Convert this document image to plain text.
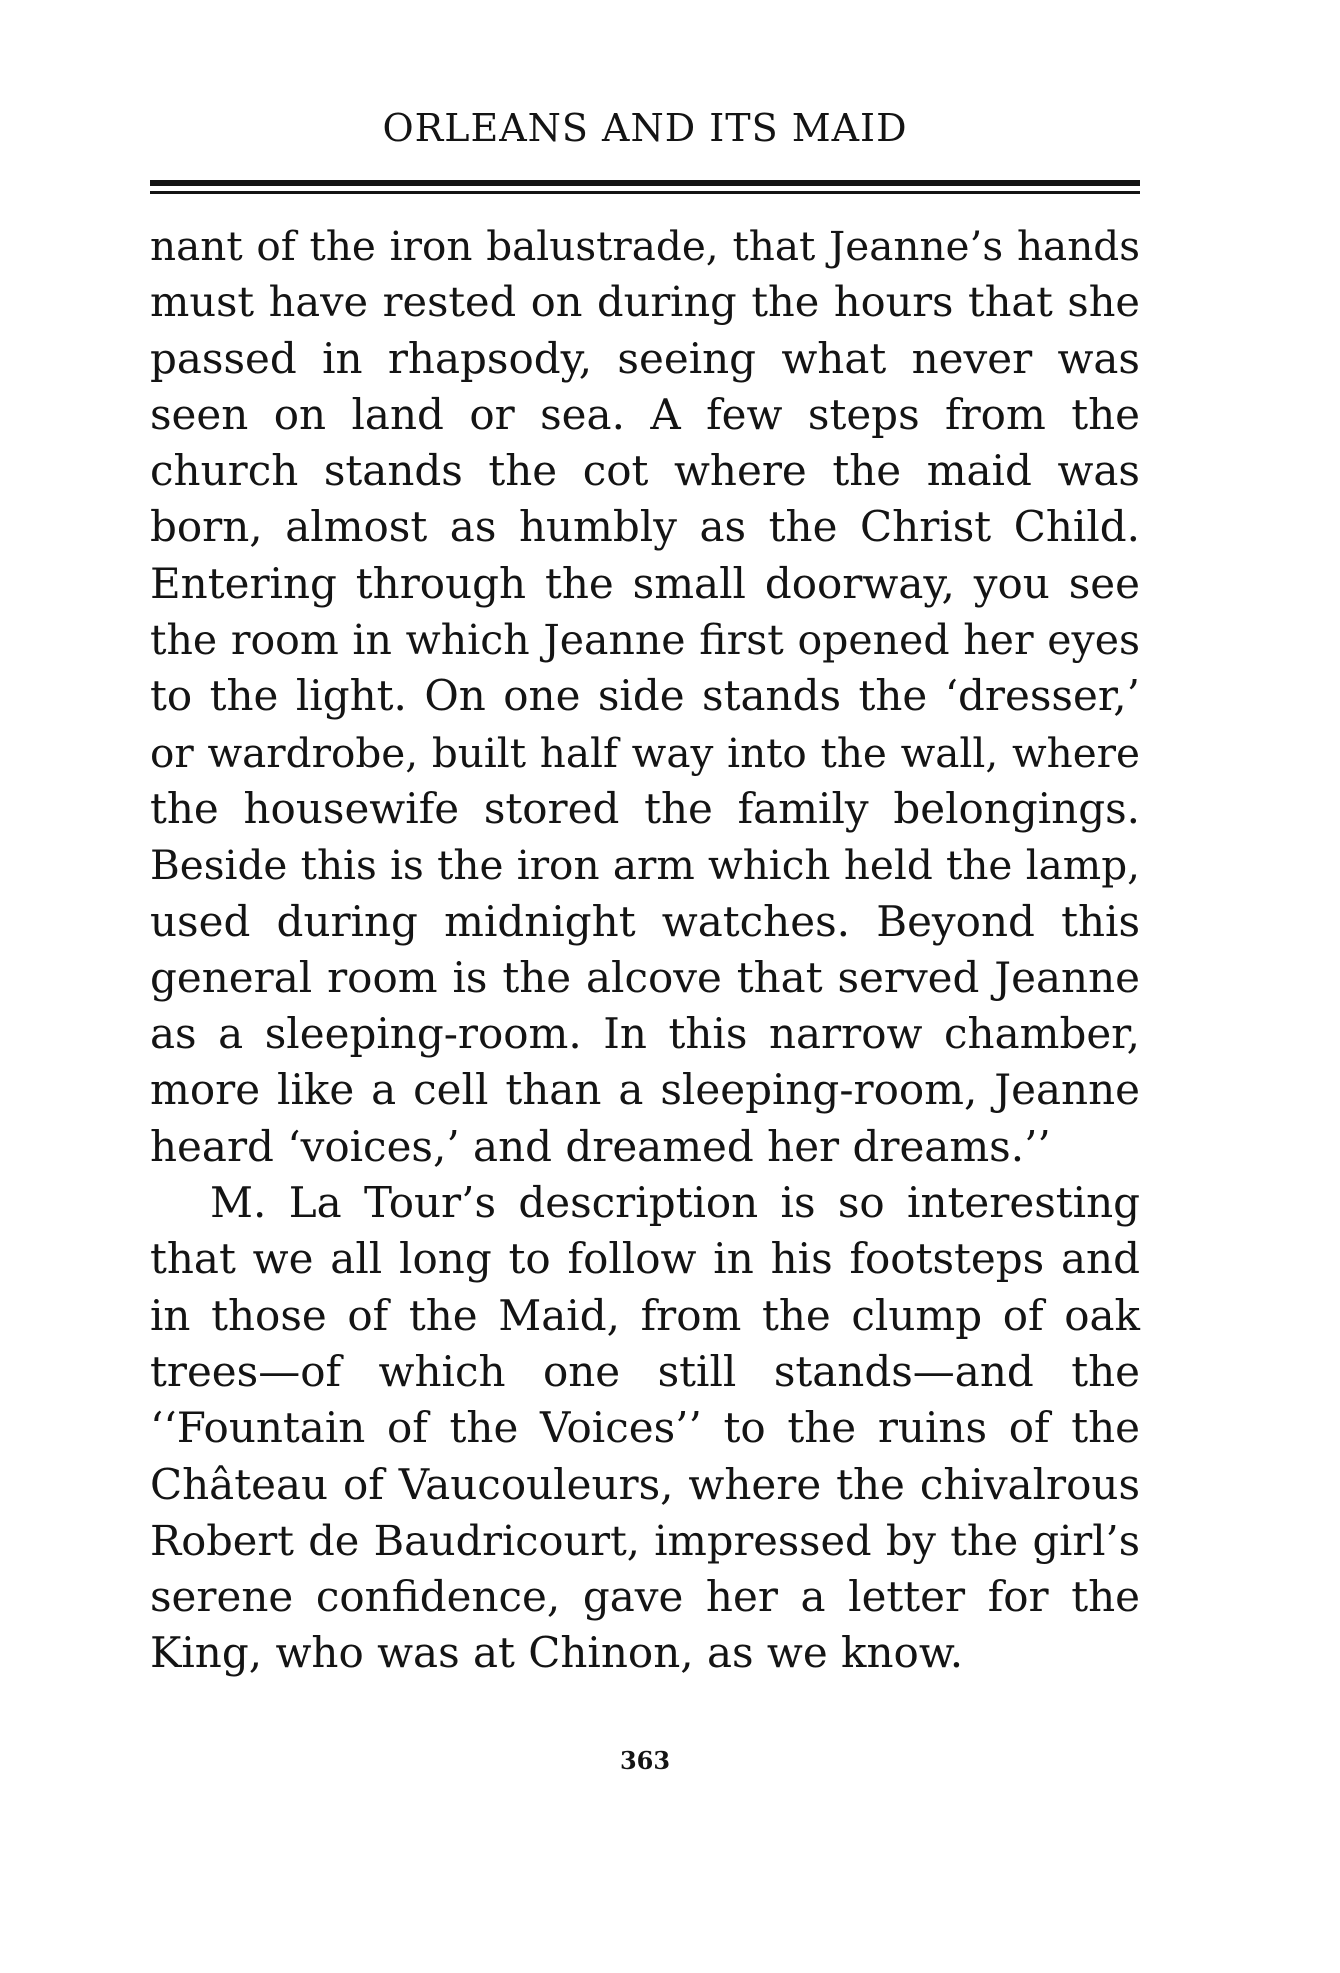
ORLEANS AND ITS MAID
nant of the iron balustrade, that Jeanne’s hands
must have rested on during the hours that she
passed in rhapsody, seeing what never was
seen on land or sea. A few steps from the
church stands the cot where the maid was
born, almost as humbly as the Christ Child.
Entering through the small doorway, you see
the room in which Jeanne first opened her eyes
to the light. On one side stands the ‘dresser,’
or wardrobe, built half way into the wall, where
the housewife stored the family belongings.
Beside this is the iron arm which held the lamp,
used during midnight watches. Beyond this
general room is the alcove that served Jeanne
as a sleeping-room. In this narrow chamber,
more like a cell than a sleeping-room, Jeanne
heard ‘voices,’ and dreamed her dreams.’’
M. La Tour’s description is so interesting
that we all long to follow in his footsteps and
in those of the Maid, from the clump of oak
trees—of which one still stands—and the
‘‘Fountain of the Voices’’ to the ruins of the
Château of Vaucouleurs, where the chivalrous
Robert de Baudricourt, impressed by the girl’s
serene confidence, gave her a letter for the
King, who was at Chinon, as we know.
363
